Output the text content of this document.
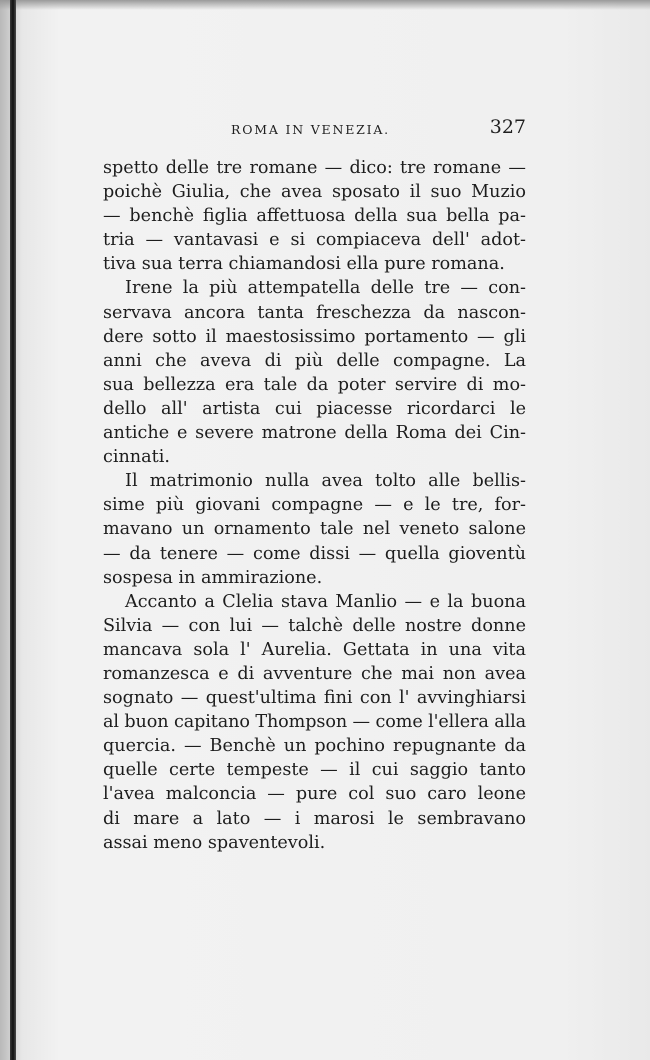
ROMA IN VENEZIA.	327
spetto delle tre romane — dico: tre romane —
poichè Giulia, che avea sposato il suo Muzio
— benchè figlia affettuosa della sua bella pa-
tria — vantavasi e si compiaceva dell' adot-
tiva sua terra chiamandosi ella pure romana.
Irene la più attempatella delle tre — con-
servava ancora tanta freschezza da nascon-
dere sotto il maestosissimo portamento — gli
anni che aveva di più delle compagne. La
sua bellezza era tale da poter servire di mo-
dello all' artista cui piacesse ricordarci le
antiche e severe matrone della Roma dei Cin-
cinnati.
Il matrimonio nulla avea tolto alle bellis-
sime più giovani compagne — e le tre, for-
mavano un ornamento tale nel veneto salone
— da tenere — come dissi — quella gioventù
sospesa in ammirazione.
Accanto a Clelia stava Manlio — e la buona
Silvia — con lui — talchè delle nostre donne
mancava sola l' Aurelia. Gettata in una vita
romanzesca e di avventure che mai non avea
sognato — quest'ultima fini con l' avvinghiarsi
al buon capitano Thompson — come l'ellera alla
quercia. — Benchè un pochino repugnante da
quelle certe tempeste — il cui saggio tanto
l'avea malconcia — pure col suo caro leone
di mare a lato — i marosi le sembravano
assai meno spaventevoli.
